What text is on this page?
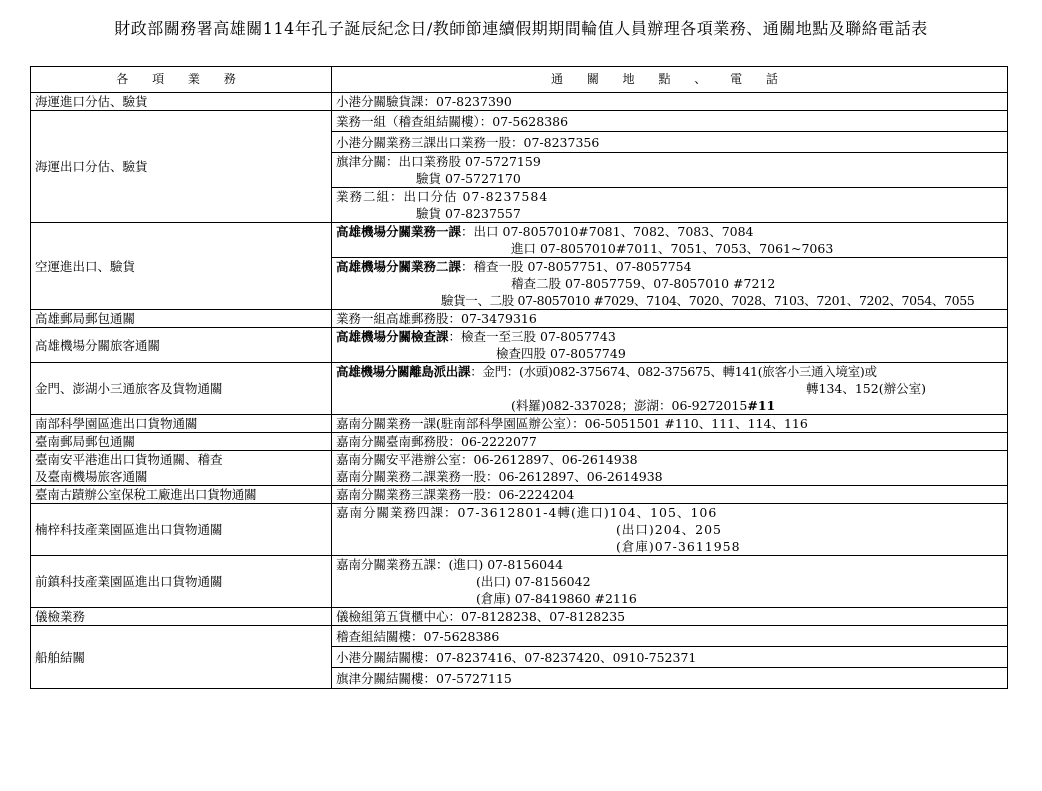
財政部關務署高雄關114年孔子誕辰紀念日/教師節連續假期期間輪值人員辦理各項業務、通關地點及聯絡電話表
各 項 業 務	通 關 地 點 、 電 話
海運進口分估、驗貨	小港分關驗貨課：07-8237390
海運出口分估、驗貨	業務一組（稽查組結關樓）：07-5628386
	小港分關業務三課出口業務一股：07-8237356

	旗津分關：出口業務股 07-5727159
驗貨 07-5727170

	業務二組：出口分估 07-8237584
驗貨 07-8237557

空運進出口、驗貨	高雄機場分關業務一課：出口 07-8057010#7081、7082、7083、7084
進口 07-8057010#7011、7051、7053、7061~7063

	高雄機場分關業務二課：稽查一股 07-8057751、07-8057754
稽查二股 07-8057759、07-8057010 #7212
驗貨一、二股 07-8057010 #7029、7104、7020、7028、7103、7201、7202、7054、7055

高雄郵局郵包通關	業務一組高雄郵務股：07-3479316
高雄機場分關旅客通關	高雄機場分關檢查課：檢查一至三股 07-8057743
檢查四股 07-8057749

金門、澎湖小三通旅客及貨物通關	高雄機場分關離島派出課：金門：(水頭)082-375674、082-375675、轉141(旅客小三通入境室)或
轉134、152(辦公室)
(料羅)082-337028；澎湖：06-9272015#11

南部科學園區進出口貨物通關	嘉南分關業務一課(駐南部科學園區辦公室）：06-5051501 #110、111、114、116
臺南郵局郵包通關	嘉南分關臺南郵務股：06-2222077

臺南安平港進出口貨物通關、稽查
及臺南機場旅客通關	嘉南分關安平港辦公室：06-2612897、06-2614938
嘉南分關業務二課業務一股：06-2612897、06-2614938

臺南古蹟辦公室保稅工廠進出口貨物通關	嘉南分關業務三課業務一股：06-2224204
楠梓科技產業園區進出口貨物通關	嘉南分關業務四課：07-3612801-4轉(進口)104、105、106
(出口)204、205
(倉庫)07-3611958

前鎮科技產業園區進出口貨物通關	嘉南分關業務五課：(進口) 07-8156044
(出口) 07-8156042
(倉庫) 07-8419860 #2116

儀檢業務	儀檢組第五貨櫃中心：07-8128238、07-8128235
船舶結關	稽查組結關樓：07-5628386
	小港分關結關樓：07-8237416、07-8237420、0910-752371
	旗津分關結關樓：07-5727115
